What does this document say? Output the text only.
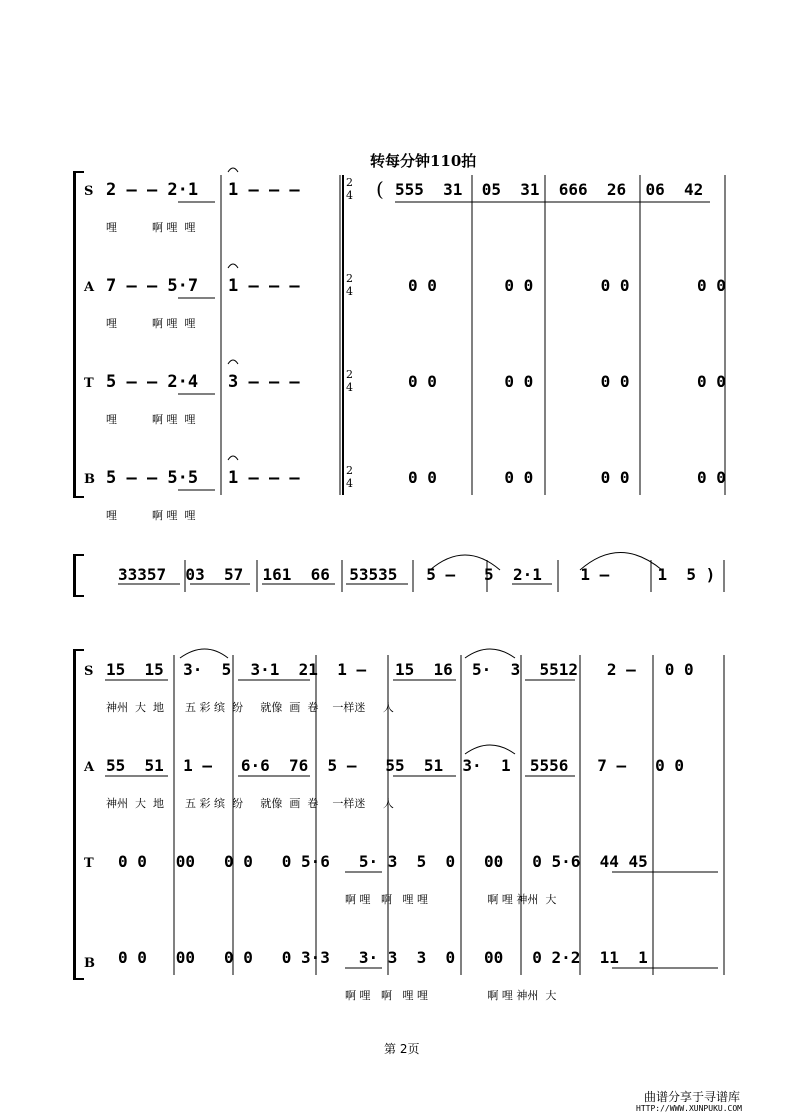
转每分钟110拍
S 2 — — 2·1 1 — — —	( 555  31  05  31  666  26  06  42
哩          啊 哩  哩
A 7 — — 5·7 1 — — —	0 0       0 0       0 0       0 0
哩          啊 哩  哩
T 5 — — 2·4 3 — — —	0 0       0 0       0 0       0 0
哩          啊 哩  哩
B 5 — — 5·5 1 — — —	0 0       0 0       0 0       0 0
哩          啊 哩  哩
2
4
2
4
2
4
2
4
33357  03  57  161  66  53535   5 —   5  2·1    1 —     1  5 )
S 15  15  3·  5  3·1  21  1 —   15  16  5·  3  5512   2 —   0 0
神州  大  地      五 彩 缤  纷     就像  画  卷    一样迷     人
A 55  51  1 —   6·6  76  5 —   55  51  3·  1  5556   7 —   0 0
神州  大  地      五 彩 缤  纷     就像  画  卷    一样迷     人
T 0 0   00   0 0   0 5·6   5· 3  5  0   00   0 5·6  44 45
啊 哩   啊   哩 哩                 啊 哩 神州  大
B 0 0   00   0 0   0 3·3   3· 3  3  0   00   0 2·2  11  1
啊 哩   啊   哩 哩                 啊 哩 神州  大
第 2页
曲谱分享于寻谱库
HTTP://WWW.XUNPUKU.COM
